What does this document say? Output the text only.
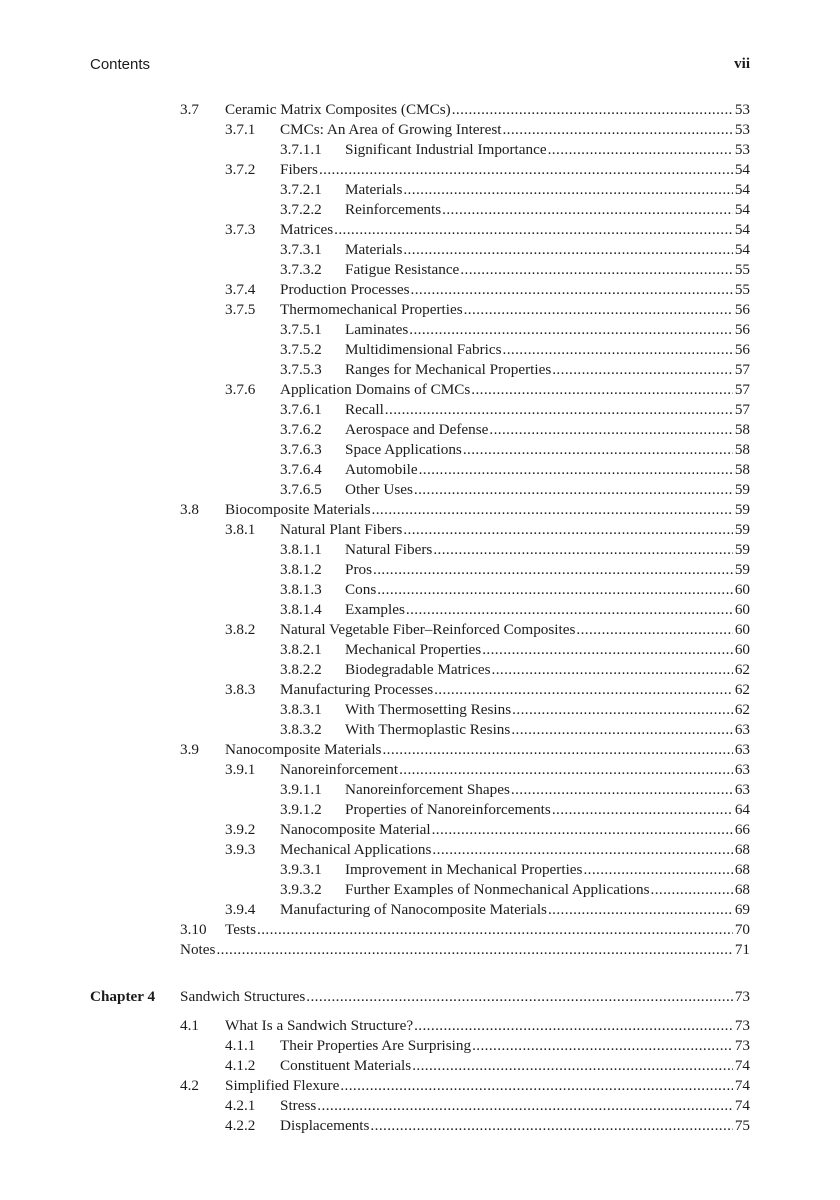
Contents	vii
3.7 Ceramic Matrix Composites (CMCs) .....	53
3.7.1 CMCs: An Area of Growing Interest .....	53
3.7.1.1 Significant Industrial Importance .....	53
3.7.2 Fibers .....	54
3.7.2.1 Materials .....	54
3.7.2.2 Reinforcements .....	54
3.7.3 Matrices .....	54
3.7.3.1 Materials .....	54
3.7.3.2 Fatigue Resistance .....	55
3.7.4 Production Processes .....	55
3.7.5 Thermomechanical Properties .....	56
3.7.5.1 Laminates .....	56
3.7.5.2 Multidimensional Fabrics .....	56
3.7.5.3 Ranges for Mechanical Properties .....	57
3.7.6 Application Domains of CMCs .....	57
3.7.6.1 Recall .....	57
3.7.6.2 Aerospace and Defense .....	58
3.7.6.3 Space Applications .....	58
3.7.6.4 Automobile .....	58
3.7.6.5 Other Uses .....	59
3.8 Biocomposite Materials .....	59
3.8.1 Natural Plant Fibers .....	59
3.8.1.1 Natural Fibers .....	59
3.8.1.2 Pros .....	59
3.8.1.3 Cons .....	60
3.8.1.4 Examples .....	60
3.8.2 Natural Vegetable Fiber–Reinforced Composites .....	60
3.8.2.1 Mechanical Properties .....	60
3.8.2.2 Biodegradable Matrices .....	62
3.8.3 Manufacturing Processes .....	62
3.8.3.1 With Thermosetting Resins .....	62
3.8.3.2 With Thermoplastic Resins .....	63
3.9 Nanocomposite Materials .....	63
3.9.1 Nanoreinforcement .....	63
3.9.1.1 Nanoreinforcement Shapes .....	63
3.9.1.2 Properties of Nanoreinforcements .....	64
3.9.2 Nanocomposite Material .....	66
3.9.3 Mechanical Applications .....	68
3.9.3.1 Improvement in Mechanical Properties .....	68
3.9.3.2 Further Examples of Nonmechanical Applications .....	68
3.9.4 Manufacturing of Nanocomposite Materials .....	69
3.10 Tests .....	70
Notes .....	71
Chapter 4 Sandwich Structures .....	73
4.1 What Is a Sandwich Structure? .....	73
4.1.1 Their Properties Are Surprising .....	73
4.1.2 Constituent Materials .....	74
4.2 Simplified Flexure .....	74
4.2.1 Stress .....	74
4.2.2 Displacements .....	75
